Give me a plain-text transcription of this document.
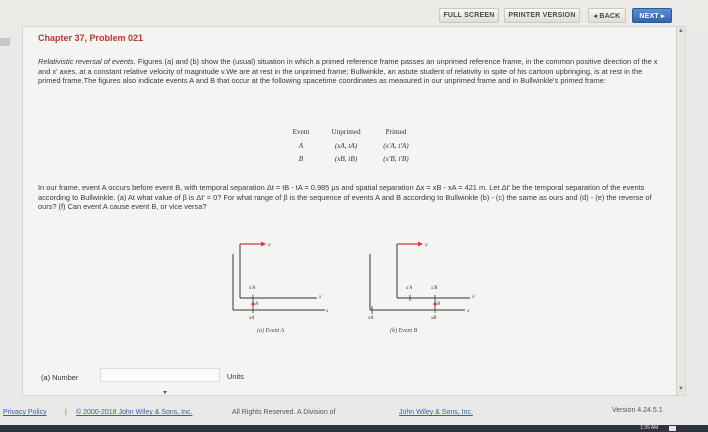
FULL SCREEN	PRINTER VERSION	◂ BACK	NEXT ▸
▲
▼
Chapter 37, Problem 021
Relativistic reversal of events. Figures (a) and (b) show the (usual) situation in which a primed reference frame passes an unprimed reference frame, in the common positive direction of the x and x' axes, at a constant relative velocity of magnitude v.We are at rest in the unprimed frame; Bullwinkle, an astute student of relativity in spite of his cartoon upbringing, is at rest in the primed frame.The figures also indicate events A and B that occur at the following spacetime coordinates as measured in our unprimed frame and in Bullwinkle's primed frame:
Event	Unprimed	Primed
A	(xA, tA)	(x'A, t'A)
B	(xB, tB)	(x'B, t'B)
In our frame, event A occurs before event B, with temporal separation Δt = tB - tA = 0.985 μs and spatial separation Δx = xB - xA = 421 m. Let Δt' be the temporal separation of the events according to Bullwinkle. (a) At what value of β is Δt' = 0? For what range of β is the sequence of events A and B according to Bullwinkle (b) - (c) the same as ours and (d) - (e) the reverse of ours? (f) Can event A cause event B, or vice versa?
v
x'A
A
xA
x'
x
(a) Event A
v
x'A	x'B
xA
B
xB
x'
x
(b) Event B
(a) Number	Units
Privacy Policy	| © 2000-2018 John Wiley & Sons, Inc.	All Rights Reserved. A Division of	John Wiley & Sons, Inc.	Version 4.24.5.1
1:39 AM
